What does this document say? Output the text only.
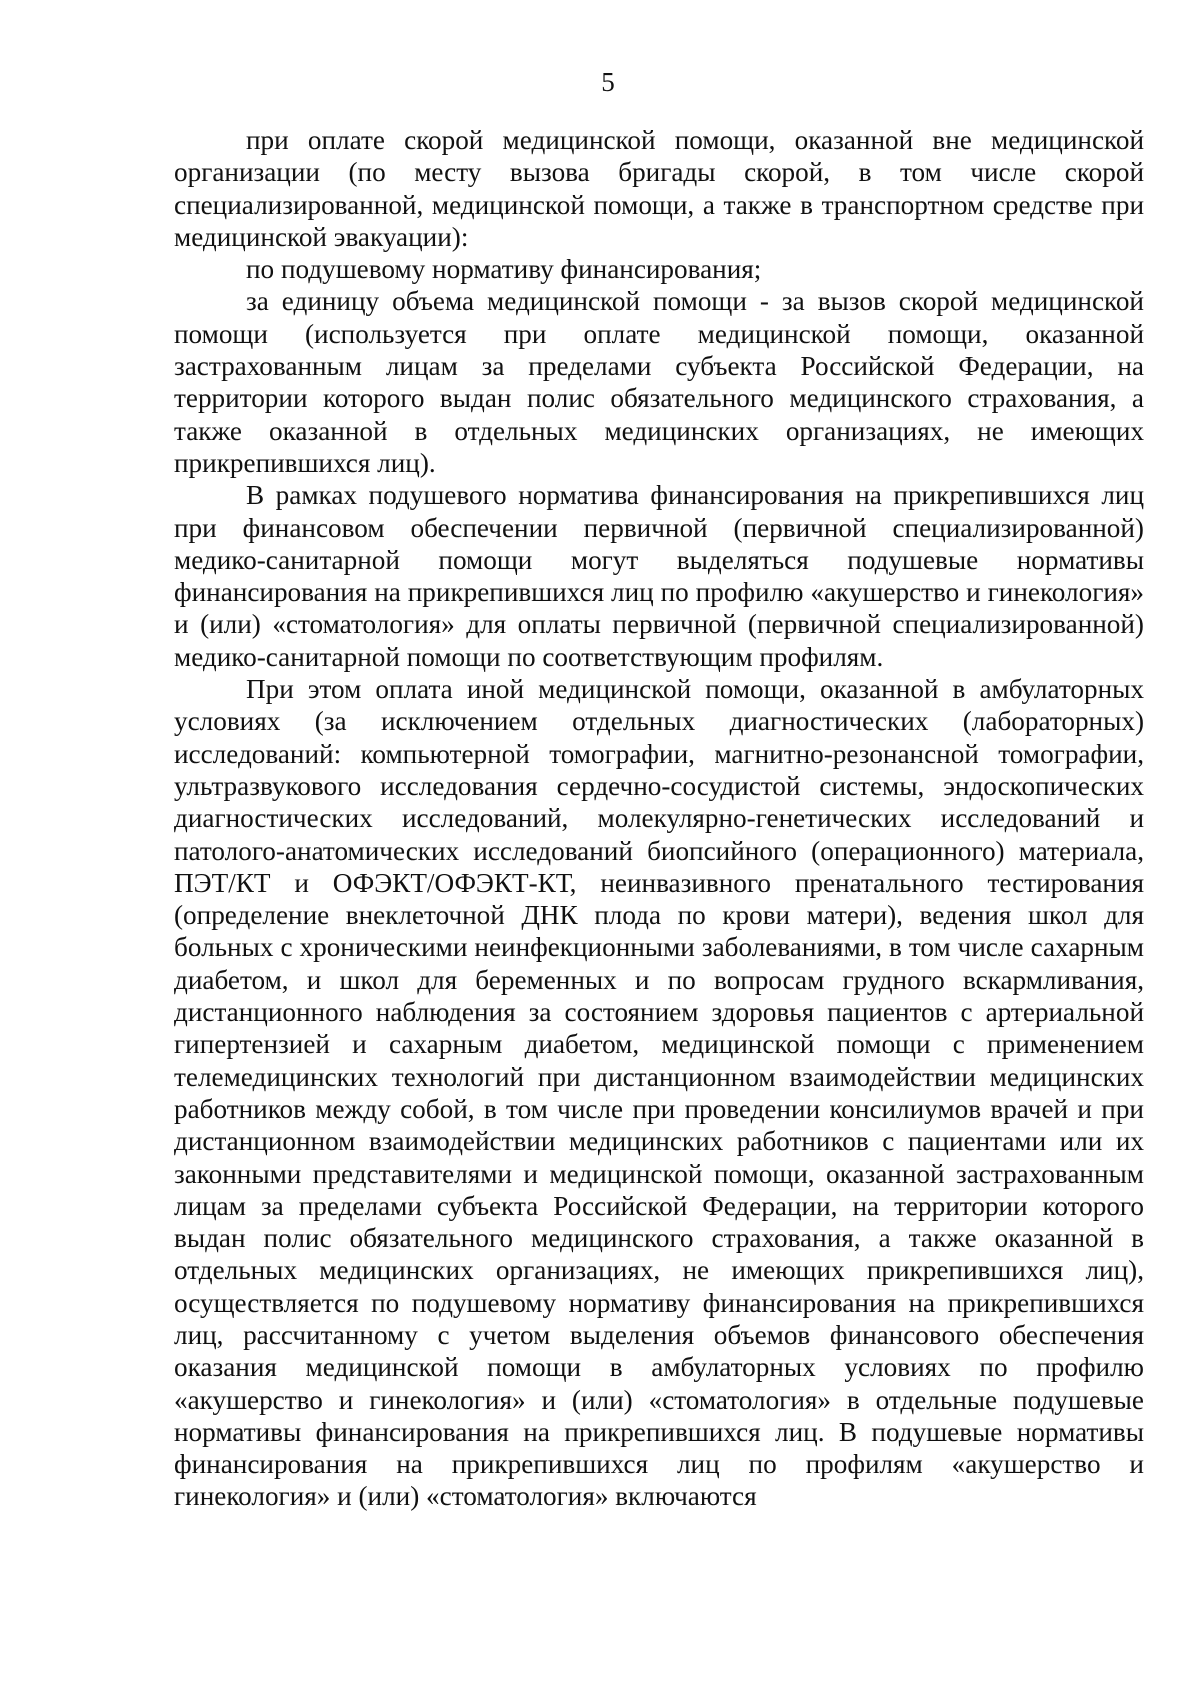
5

при оплате скорой медицинской помощи, оказанной вне медицинской организации (по месту вызова бригады скорой, в том числе скорой специализированной, медицинской помощи, а также в транспортном средстве при медицинской эвакуации):

по подушевому нормативу финансирования;

за единицу объема медицинской помощи - за вызов скорой медицинской помощи (используется при оплате медицинской помощи, оказанной застрахованным лицам за пределами субъекта Российской Федерации, на территории которого выдан полис обязательного медицинского страхования, а также оказанной в отдельных медицинских организациях, не имеющих прикрепившихся лиц).

В рамках подушевого норматива финансирования на прикрепившихся лиц при финансовом обеспечении первичной (первичной специализированной) медико-санитарной помощи могут выделяться подушевые нормативы финансирования на прикрепившихся лиц по профилю «акушерство и гинекология» и (или) «стоматология» для оплаты первичной (первичной специализированной) медико-санитарной помощи по соответствующим профилям.

При этом оплата иной медицинской помощи, оказанной в амбулаторных условиях (за исключением отдельных диагностических (лабораторных) исследований: компьютерной томографии, магнитно-резонансной томографии, ультразвукового исследования сердечно-сосудистой системы, эндоскопических диагностических исследований, молекулярно-генетических исследований и патолого-анатомических исследований биопсийного (операционного) материала, ПЭТ/КТ и ОФЭКТ/ОФЭКТ-КТ, неинвазивного пренатального тестирования (определение внеклеточной ДНК плода по крови матери), ведения школ для больных с хроническими неинфекционными заболеваниями, в том числе сахарным диабетом, и школ для беременных и по вопросам грудного вскармливания, дистанционного наблюдения за состоянием здоровья пациентов с артериальной гипертензией и сахарным диабетом, медицинской помощи с применением телемедицинских технологий при дистанционном взаимодействии медицинских работников между собой, в том числе при проведении консилиумов врачей и при дистанционном взаимодействии медицинских работников с пациентами или их законными представителями и медицинской помощи, оказанной застрахованным лицам за пределами субъекта Российской Федерации, на территории которого выдан полис обязательного медицинского страхования, а также оказанной в отдельных медицинских организациях, не имеющих прикрепившихся лиц), осуществляется по подушевому нормативу финансирования на прикрепившихся лиц, рассчитанному с учетом выделения объемов финансового обеспечения оказания медицинской помощи в амбулаторных условиях по профилю «акушерство и гинекология» и (или) «стоматология» в отдельные подушевые нормативы финансирования на прикрепившихся лиц. В подушевые нормативы финансирования на прикрепившихся лиц по профилям «акушерство и гинекология» и (или) «стоматология» включаются
